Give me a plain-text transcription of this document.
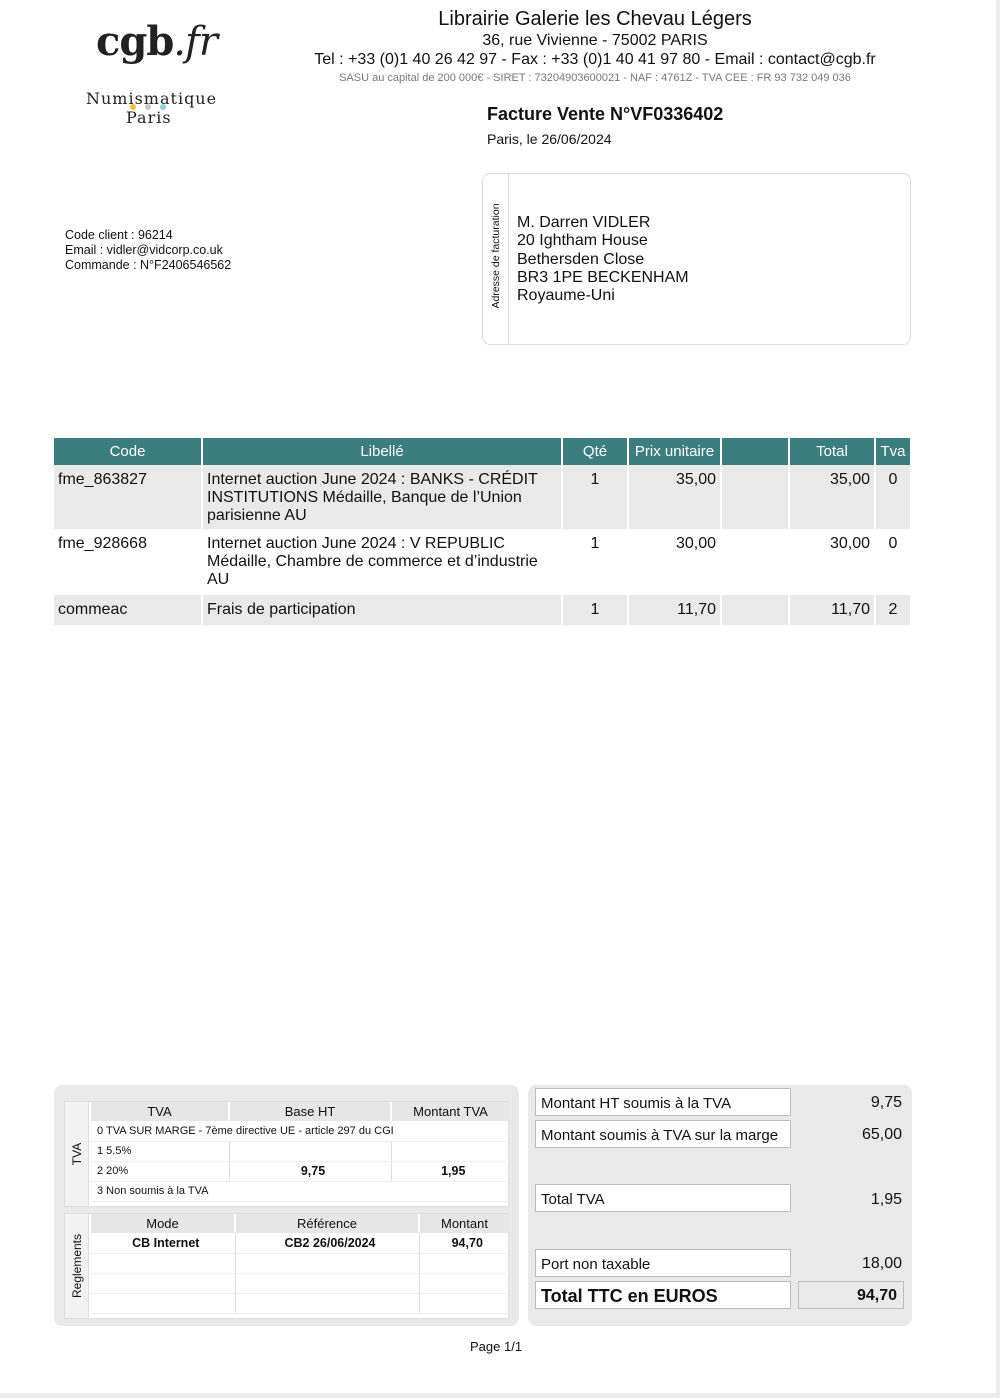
cgb.fr
Numismatique
Paris
Librairie Galerie les Chevau Légers
36, rue Vivienne - 75002 PARIS
Tel : +33 (0)1 40 26 42 97 - Fax : +33 (0)1 40 41 97 80 - Email : contact@cgb.fr
SASU au capital de 200 000€ - SIRET : 73204903600021 - NAF : 4761Z - TVA CEE : FR 93 732 049 036
Facture Vente N°VF0336402
Paris, le 26/06/2024
Code client : 96214
Email : vidler@vidcorp.co.uk
Commande : N°F2406546562	Adresse de facturation M. Darren VIDLER
20 Ightham House
Bethersden Close
BR3 1PE BECKENHAM
Royaume-Uni
Code	Libellé	Qté	Prix unitaire		Total	Tva
fme_863827	Internet auction June 2024 : BANKS - CRÉDIT INSTITUTIONS Médaille, Banque de l’Union parisienne AU	1	35,00		35,00	0
fme_928668	Internet auction June 2024 : V REPUBLIC Médaille, Chambre de commerce et d’industrie AU	1	30,00		30,00	0
commeac	Frais de participation	1	11,70		11,70	2
TVA
TVA	Base HT	Montant TVA
0 TVA SUR MARGE - 7ème directive UE - article 297 du CGI		
1 5.5%		
2 20%	9,75	1,95
3 Non soumis à la TVA		
Reglements
Mode	Référence	Montant
CB Internet	CB2 26/06/2024	94,70

Montant HT soumis à la TVA	9,75
Montant soumis à TVA sur la marge	65,00
Total TVA	1,95
Port non taxable	18,00
Total TTC en EUROS	94,70
Page 1/1
